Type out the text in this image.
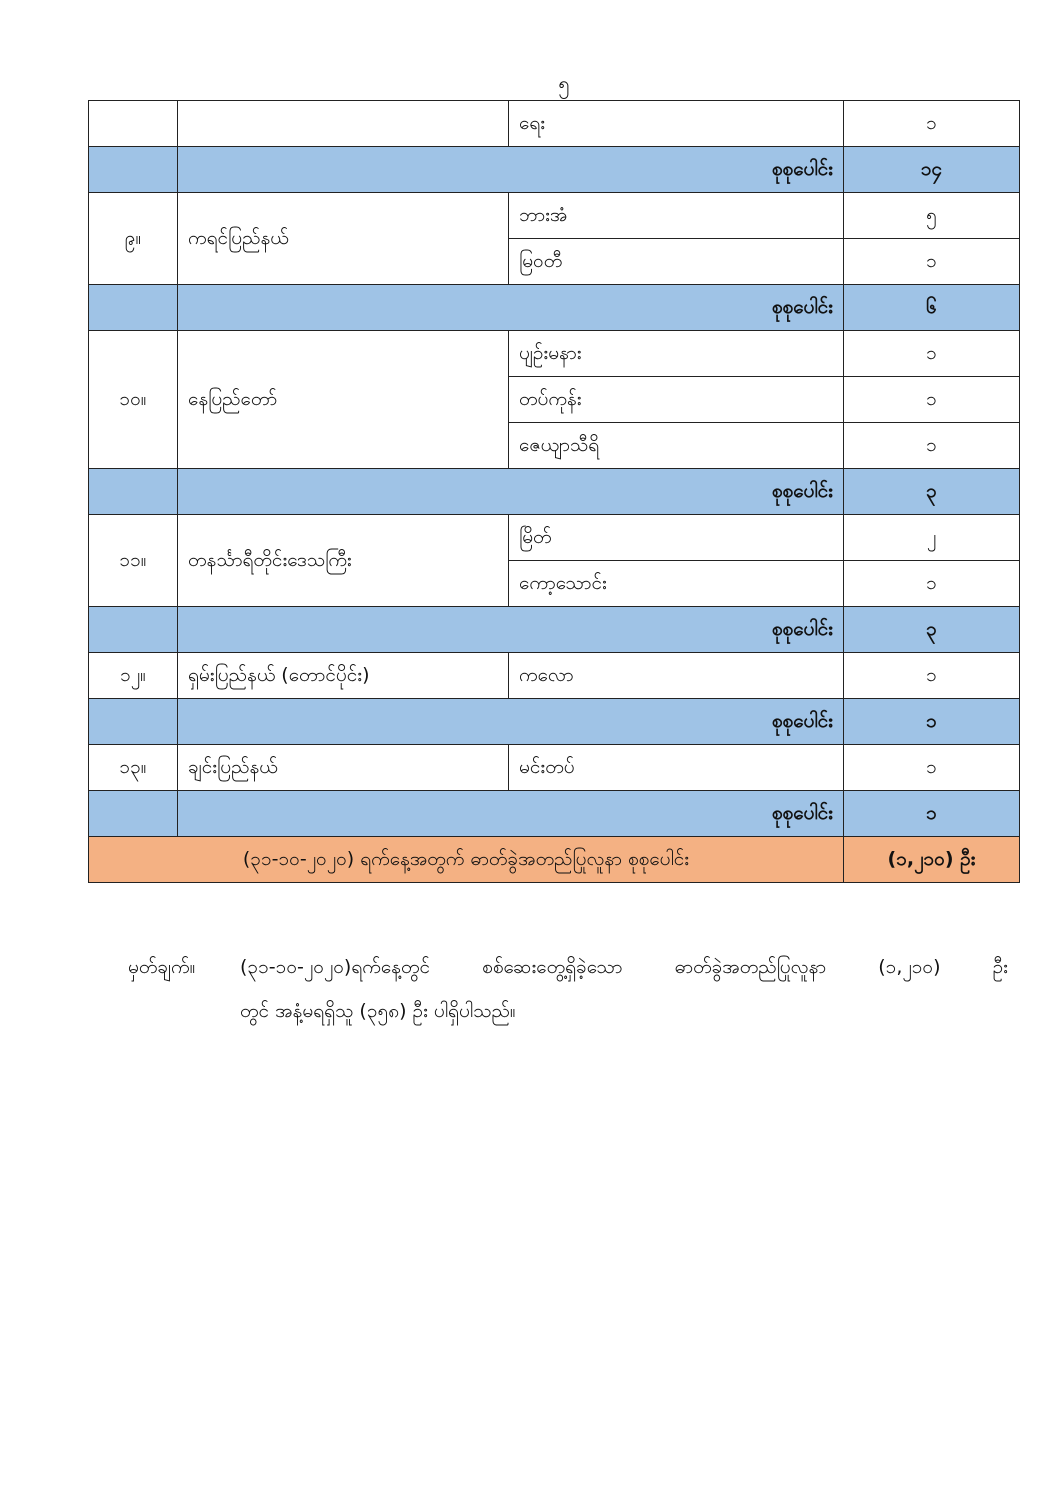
၅
		ရေး	၁
	စုစုပေါင်း		၁၄
၉။	ကရင်ပြည်နယ်	ဘားအံ	၅
		မြဝတီ	၁
	စုစုပေါင်း		၆
၁၀။	နေပြည်တော်	ပျဉ်းမနား	၁
		တပ်ကုန်း	၁
		ဇေယျာသီရိ	၁
	စုစုပေါင်း		၃
၁၁။	တနင်္သာရီတိုင်းဒေသကြီး	မြိတ်	၂
		ကော့သောင်း	၁
	စုစုပေါင်း		၃
၁၂။	ရှမ်းပြည်နယ် (တောင်ပိုင်း)	ကလော	၁
	စုစုပေါင်း		၁
၁၃။	ချင်းပြည်နယ်	မင်းတပ်	၁
	စုစုပေါင်း		၁
(၃၁-၁၀-၂၀၂၀) ရက်နေ့အတွက် ဓာတ်ခွဲအတည်ပြုလူနာ စုစုပေါင်း			(၁,၂၁၀) ဦး
မှတ်ချက်။	(၃၁-၁၀-၂၀၂၀)ရက်နေ့တွင် စစ်ဆေးတွေ့ရှိခဲ့သော ဓာတ်ခွဲအတည်ပြုလူနာ (၁,၂၁၀) ဦး
တွင် အနံ့မရရှိသူ (၃၅၈) ဦး ပါရှိပါသည်။
